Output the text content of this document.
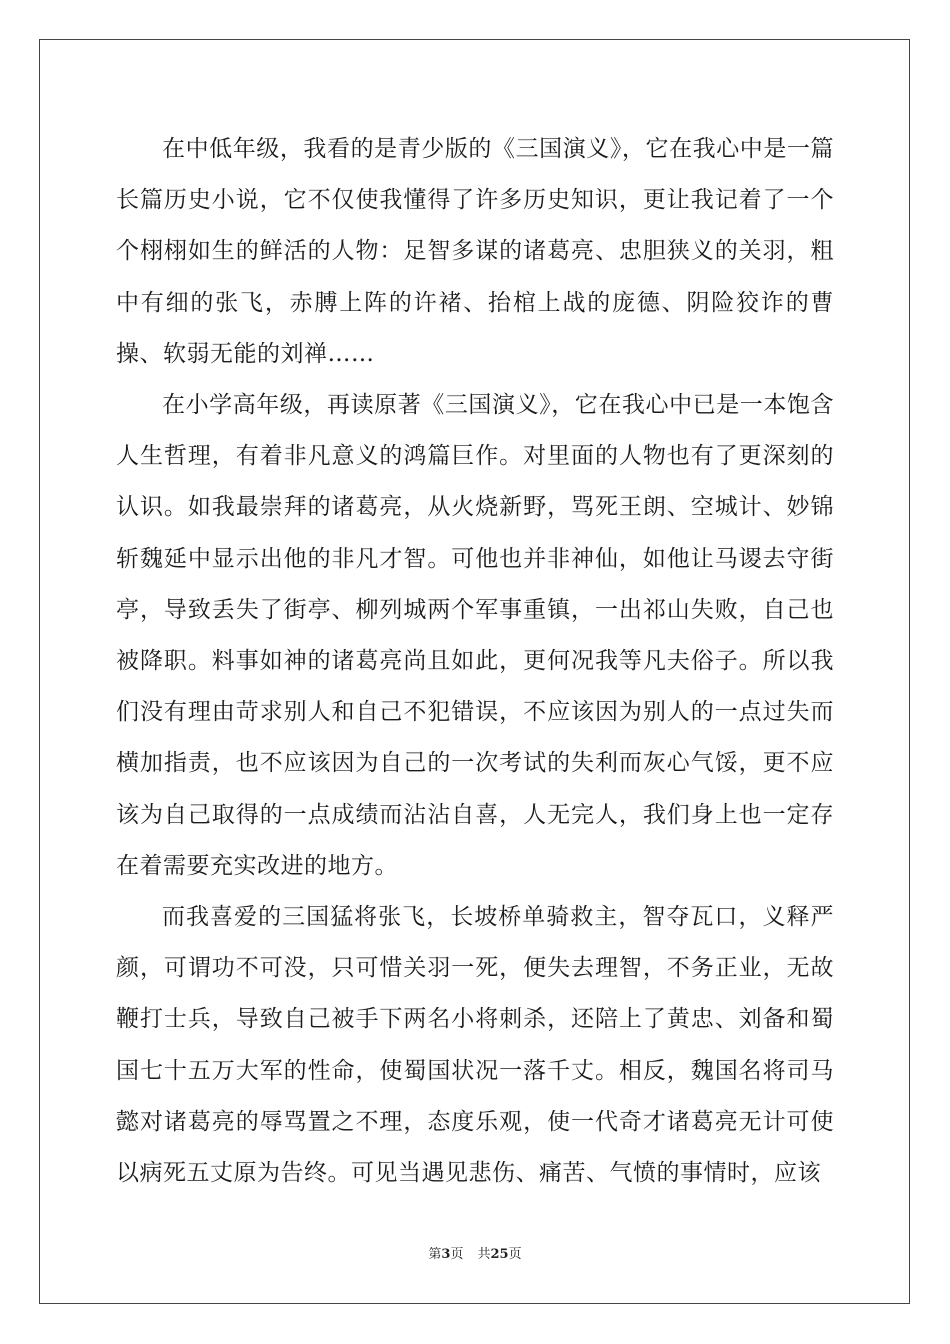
在中低年级，我看的是青少版的《三国演义》，它在我心中是一篇长篇历史小说，它不仅使我懂得了许多历史知识，更让我记着了一个个栩栩如生的鲜活的人物：足智多谋的诸葛亮、忠胆狭义的关羽，粗中有细的张飞，赤膊上阵的许褚、抬棺上战的庞德、阴险狡诈的曹操、软弱无能的刘禅……

在小学高年级，再读原著《三国演义》，它在我心中已是一本饱含人生哲理，有着非凡意义的鸿篇巨作。对里面的人物也有了更深刻的认识。如我最崇拜的诸葛亮，从火烧新野，骂死王朗、空城计、妙锦斩魏延中显示出他的非凡才智。可他也并非神仙，如他让马谡去守街亭，导致丢失了街亭、柳列城两个军事重镇，一出祁山失败，自己也被降职。料事如神的诸葛亮尚且如此，更何况我等凡夫俗子。所以我们没有理由苛求别人和自己不犯错误，不应该因为别人的一点过失而横加指责，也不应该因为自己的一次考试的失利而灰心气馁，更不应该为自己取得的一点成绩而沾沾自喜，人无完人，我们身上也一定存在着需要充实改进的地方。

而我喜爱的三国猛将张飞，长坡桥单骑救主，智夺瓦口，义释严颜，可谓功不可没，只可惜关羽一死，便失去理智，不务正业，无故鞭打士兵，导致自己被手下两名小将刺杀，还陪上了黄忠、刘备和蜀国七十五万大军的性命，使蜀国状况一落千丈。相反，魏国名将司马懿对诸葛亮的辱骂置之不理，态度乐观，使一代奇才诸葛亮无计可使以病死五丈原为告终。可见当遇见悲伤、痛苦、气愤的事情时，应该

第3页 共25页
